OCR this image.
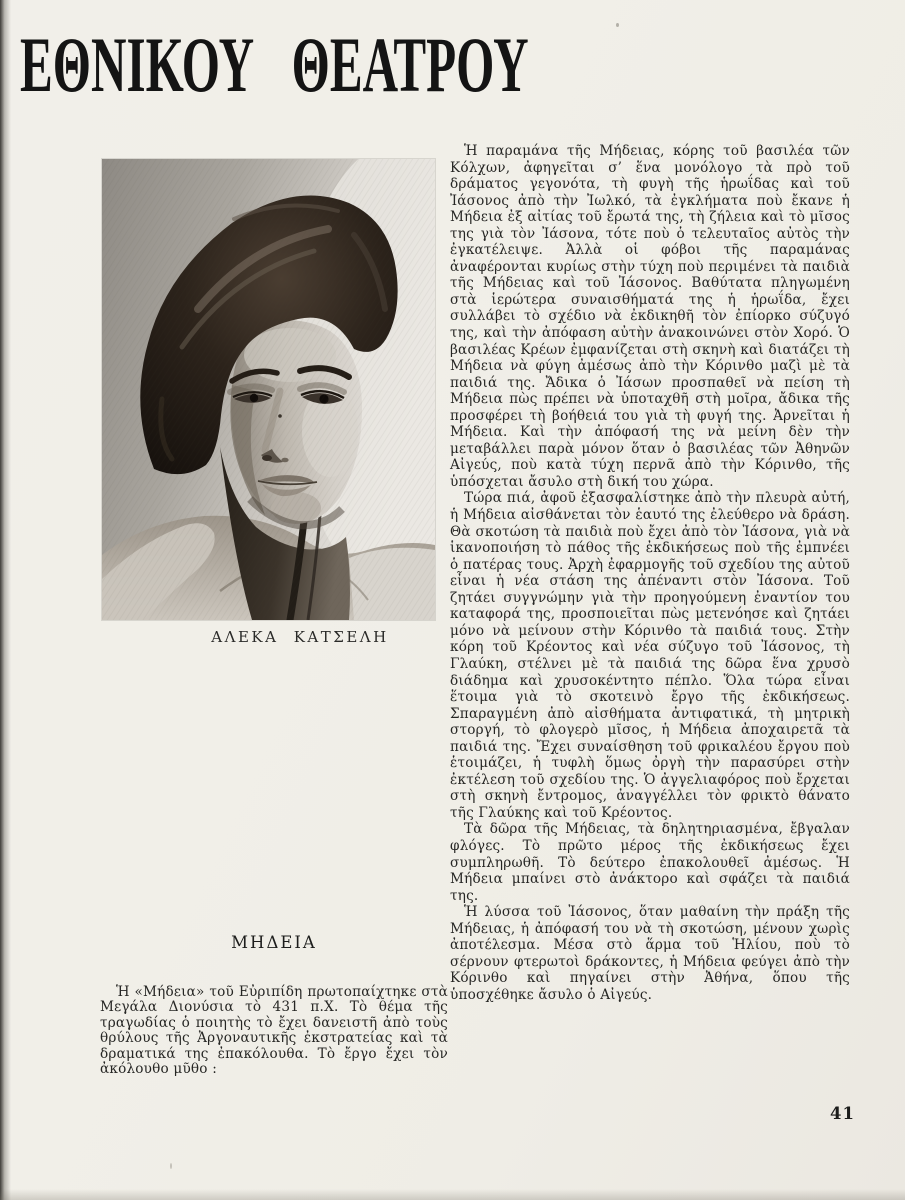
ΕΘΝΙΚΟΥ ΘΕΑΤΡΟΥ
ΑΛΕΚΑ ΚΑΤΣΕΛΗ
ΜΗΔΕΙΑ

Ἡ «Μήδεια» τοῦ Εὐριπίδη πρωτοπαίχτηκε στὰ Μεγάλα Διονύσια τὸ 431 π.Χ. Τὸ θέμα τῆς τραγωδίας ὁ ποιητὴς τὸ ἔχει δανειστῆ ἀπὸ τοὺς θρύλους τῆς Ἀργοναυτικῆς ἐκστρατείας καὶ τὰ δραματικά της ἐπακόλουθα. Τὸ ἔργο ἔχει τὸν ἀκόλουθο μῦθο :

Ἡ παραμάνα τῆς Μήδειας, κόρης τοῦ βασιλέα τῶν Κόλχων, ἀφηγεῖται σ’ ἕνα μονόλογο τὰ πρὸ τοῦ δράματος γεγονότα, τὴ φυγὴ τῆς ἡρωΐδας καὶ τοῦ Ἰάσονος ἀπὸ τὴν Ἰωλκό, τὰ ἐγκλήματα ποὺ ἔκανε ἡ Μήδεια ἐξ αἰτίας τοῦ ἔρωτά της, τὴ ζήλεια καὶ τὸ μῖσος της γιὰ τὸν Ἰάσονα, τότε ποὺ ὁ τελευταῖος αὐτὸς τὴν ἐγκατέλειψε. Ἀλλὰ οἱ φόβοι τῆς παραμάνας ἀναφέρονται κυρίως στὴν τύχη ποὺ περιμένει τὰ παιδιὰ τῆς Μήδειας καὶ τοῦ Ἰάσονος. Βαθύτατα πληγωμένη στὰ ἱερώτερα συναισθήματά της ἡ ἡρωΐδα, ἔχει συλλάβει τὸ σχέδιο νὰ ἐκδικηθῆ τὸν ἐπίορκο σύζυγό της, καὶ τὴν ἀπόφαση αὐτὴν ἀνακοινώνει στὸν Χορό. Ὁ βασιλέας Κρέων ἐμφανίζεται στὴ σκηνὴ καὶ διατάζει τὴ Μήδεια νὰ φύγη ἀμέσως ἀπὸ τὴν Κόρινθο μαζὶ μὲ τὰ παιδιά της. Ἄδικα ὁ Ἰάσων προσπαθεῖ νὰ πείση τὴ Μήδεια πὼς πρέπει νὰ ὑποταχθῆ στὴ μοῖρα, ἄδικα τῆς προσφέρει τὴ βοήθειά του γιὰ τὴ φυγή της. Ἀρνεῖται ἡ Μήδεια. Καὶ τὴν ἀπόφασή της νὰ μείνη δὲν τὴν μεταβάλλει παρὰ μόνον ὅταν ὁ βασιλέας τῶν Ἀθηνῶν Αἰγεύς, ποὺ κατὰ τύχη περνᾶ ἀπὸ τὴν Κόρινθο, τῆς ὑπόσχεται ἄσυλο στὴ δική του χώρα.

Τώρα πιά, ἀφοῦ ἐξασφαλίστηκε ἀπὸ τὴν πλευρὰ αὐτή, ἡ Μήδεια αἰσθάνεται τὸν ἑαυτό της ἐλεύθερο νὰ δράση. Θὰ σκοτώση τὰ παιδιὰ ποὺ ἔχει ἀπὸ τὸν Ἰάσονα, γιὰ νὰ ἱκανοποιήση τὸ πάθος τῆς ἐκδικήσεως ποὺ τῆς ἐμπνέει ὁ πατέρας τους. Ἀρχὴ ἐφαρμογῆς τοῦ σχεδίου της αὐτοῦ εἶναι ἡ νέα στάση της ἀπέναντι στὸν Ἰάσονα. Τοῦ ζητάει συγγνώμην γιὰ τὴν προηγούμενη ἐναντίον του καταφορά της, προσποιεῖται πὼς μετενόησε καὶ ζητάει μόνο νὰ μείνουν στὴν Κόρινθο τὰ παιδιά τους. Στὴν κόρη τοῦ Κρέοντος καὶ νέα σύζυγο τοῦ Ἰάσονος, τὴ Γλαύκη, στέλνει μὲ τὰ παιδιά της δῶρα ἕνα χρυσὸ διάδημα καὶ χρυσοκέντητο πέπλο. Ὅλα τώρα εἶναι ἕτοιμα γιὰ τὸ σκοτεινὸ ἔργο τῆς ἐκδικήσεως. Σπαραγμένη ἀπὸ αἰσθήματα ἀντιφατικά, τὴ μητρικὴ στοργή, τὸ φλογερὸ μῖσος, ἡ Μήδεια ἀποχαιρετᾶ τὰ παιδιά της. Ἔχει συναίσθηση τοῦ φρικαλέου ἔργου ποὺ ἑτοιμάζει, ἡ τυφλὴ ὅμως ὀργὴ τὴν παρασύρει στὴν ἐκτέλεση τοῦ σχεδίου της. Ὁ ἀγγελιαφόρος ποὺ ἔρχεται στὴ σκηνὴ ἔντρομος, ἀναγγέλλει τὸν φρικτὸ θάνατο τῆς Γλαύκης καὶ τοῦ Κρέοντος.

Τὰ δῶρα τῆς Μήδειας, τὰ δηλητηριασμένα, ἔβγαλαν φλόγες. Τὸ πρῶτο μέρος τῆς ἐκδικήσεως ἔχει συμπληρωθῆ. Τὸ δεύτερο ἐπακολουθεῖ ἀμέσως. Ἡ Μήδεια μπαίνει στὸ ἀνάκτορο καὶ σφάζει τὰ παιδιά της.

Ἡ λύσσα τοῦ Ἰάσονος, ὅταν μαθαίνη τὴν πράξη τῆς Μήδειας, ἡ ἀπόφασή του νὰ τὴ σκοτώση, μένουν χωρὶς ἀποτέλεσμα. Μέσα στὸ ἅρμα τοῦ Ἡλίου, ποὺ τὸ σέρνουν φτερωτοὶ δράκοντες, ἡ Μήδεια φεύγει ἀπὸ τὴν Κόρινθο καὶ πηγαίνει στὴν Ἀθήνα, ὅπου τῆς ὑποσχέθηκε ἄσυλο ὁ Αἰγεύς.

41
